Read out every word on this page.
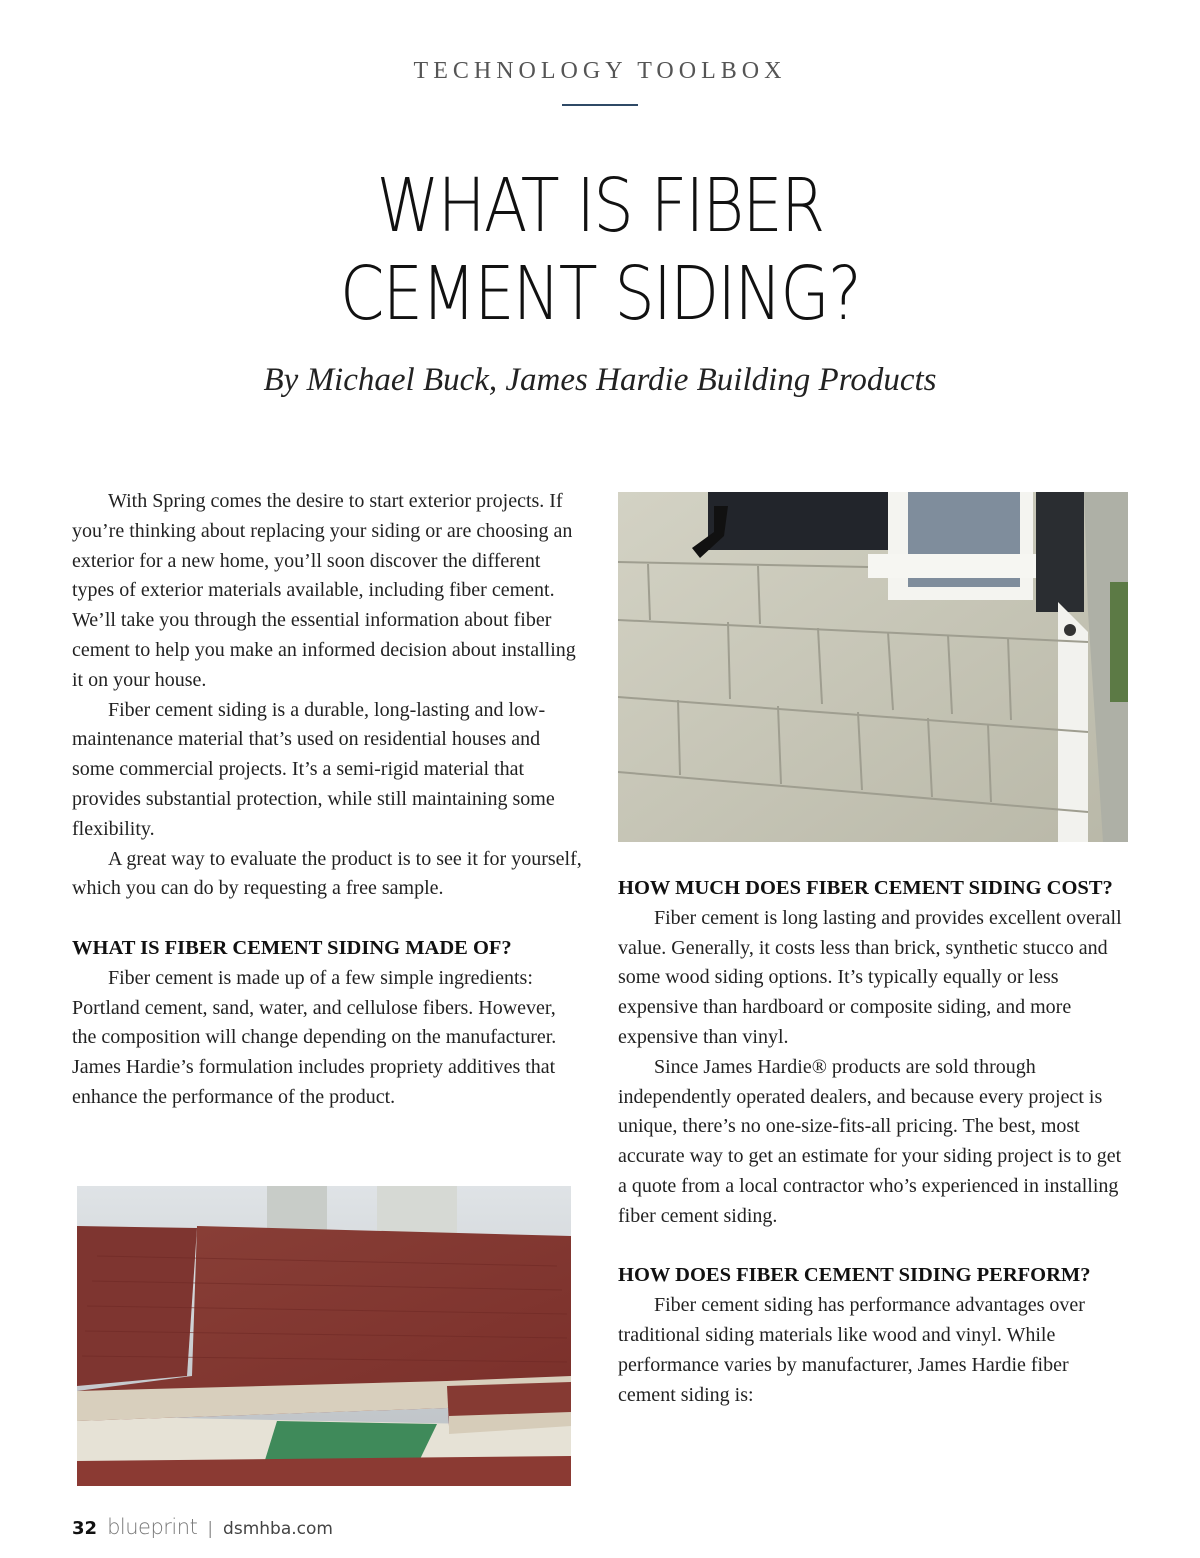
TECHNOLOGY TOOLBOX
WHAT IS FIBER
CEMENT SIDING?
By Michael Buck, James Hardie Building Products

With Spring comes the desire to start exterior projects. If you’re thinking about replacing your siding or are choosing an exterior for a new home, you’ll soon discover the different types of exterior materials available, including fiber cement. We’ll take you through the essential information about fiber cement to help you make an informed decision about installing it on your house.

Fiber cement siding is a durable, long-lasting and low-maintenance material that’s used on residential houses and some commercial projects. It’s a semi-rigid material that provides substantial protection, while still maintaining some flexibility.

A great way to evaluate the product is to see it for yourself, which you can do by requesting a free sample.

WHAT IS FIBER CEMENT SIDING MADE OF?

Fiber cement is made up of a few simple ingredients: Portland cement, sand, water, and cellulose fibers. However, the composition will change depending on the manufacturer. James Hardie’s formulation includes propriety additives that enhance the performance of the product.

HOW MUCH DOES FIBER CEMENT SIDING COST?

Fiber cement is long lasting and provides excellent overall value. Generally, it costs less than brick, synthetic stucco and some wood siding options. It’s typically equally or less expensive than hardboard or composite siding, and more expensive than vinyl.

Since James Hardie® products are sold through independently operated dealers, and because every project is unique, there’s no one-size-fits-all pricing. The best, most accurate way to get an estimate for your siding project is to get a quote from a local contractor who’s experienced in installing fiber cement siding.

HOW DOES FIBER CEMENT SIDING PERFORM?

Fiber cement siding has performance advantages over traditional siding materials like wood and vinyl. While performance varies by manufacturer, James Hardie fiber cement siding is:

32 blueprint | dsmhba.com
